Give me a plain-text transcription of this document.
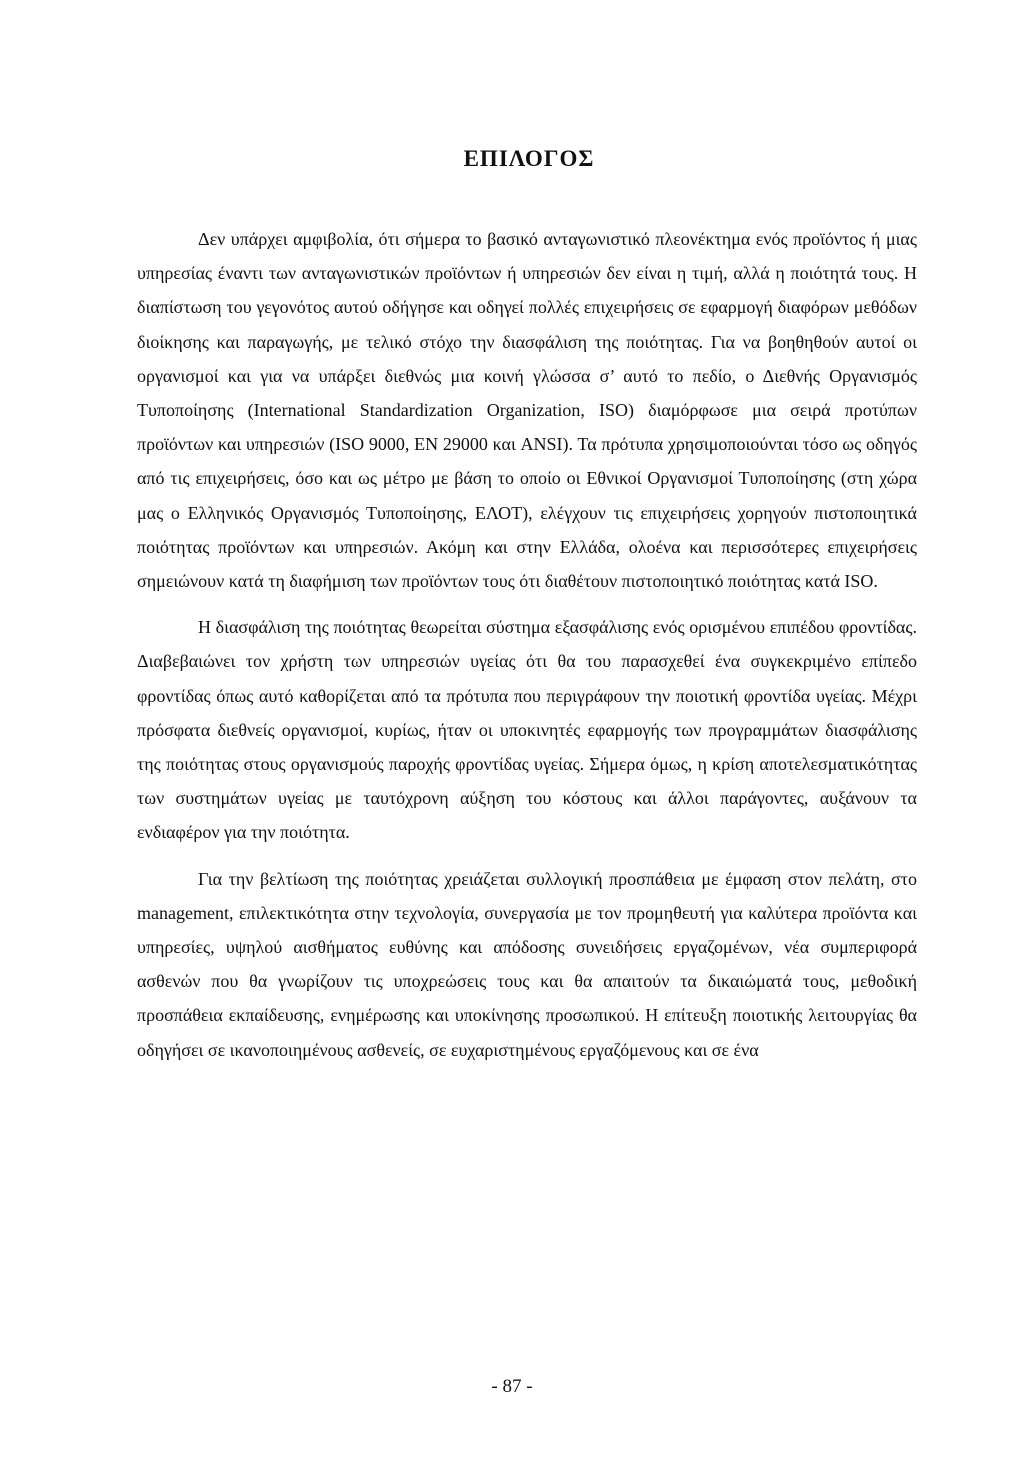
ΕΠΙΛΟΓΟΣ

Δεν υπάρχει αμφιβολία, ότι σήμερα το βασικό ανταγωνιστικό πλεονέκτημα ενός προϊόντος ή μιας υπηρεσίας έναντι των ανταγωνιστικών προϊόντων ή υπηρεσιών δεν είναι η τιμή, αλλά η ποιότητά τους. Η διαπίστωση του γεγονότος αυτού οδήγησε και οδηγεί πολλές επιχειρήσεις σε εφαρμογή διαφόρων μεθόδων διοίκησης και παραγωγής, με τελικό στόχο την διασφάλιση της ποιότητας. Για να βοηθηθούν αυτοί οι οργανισμοί και για να υπάρξει διεθνώς μια κοινή γλώσσα σ’ αυτό το πεδίο, ο Διεθνής Οργανισμός Τυποποίησης (International Standardization Organization, ISO) διαμόρφωσε μια σειρά προτύπων προϊόντων και υπηρεσιών (ISO 9000, EN 29000 και ANSI). Τα πρότυπα χρησιμοποιούνται τόσο ως οδηγός από τις επιχειρήσεις, όσο και ως μέτρο με βάση το οποίο οι Εθνικοί Οργανισμοί Τυποποίησης (στη χώρα μας ο Ελληνικός Οργανισμός Τυποποίησης, ΕΛΟΤ), ελέγχουν τις επιχειρήσεις χορηγούν πιστοποιητικά ποιότητας προϊόντων και υπηρεσιών. Ακόμη και στην Ελλάδα, ολοένα και περισσότερες επιχειρήσεις σημειώνουν κατά τη διαφήμιση των προϊόντων τους ότι διαθέτουν πιστοποιητικό ποιότητας κατά ISO.

Η διασφάλιση της ποιότητας θεωρείται σύστημα εξασφάλισης ενός ορισμένου επιπέδου φροντίδας. Διαβεβαιώνει τον χρήστη των υπηρεσιών υγείας ότι θα του παρασχεθεί ένα συγκεκριμένο επίπεδο φροντίδας όπως αυτό καθορίζεται από τα πρότυπα που περιγράφουν την ποιοτική φροντίδα υγείας. Μέχρι πρόσφατα διεθνείς οργανισμοί, κυρίως, ήταν οι υποκινητές εφαρμογής των προγραμμάτων διασφάλισης της ποιότητας στους οργανισμούς παροχής φροντίδας υγείας. Σήμερα όμως, η κρίση αποτελεσματικότητας των συστημάτων υγείας με ταυτόχρονη αύξηση του κόστους και άλλοι παράγοντες, αυξάνουν τα ενδιαφέρον για την ποιότητα.

Για την βελτίωση της ποιότητας χρειάζεται συλλογική προσπάθεια με έμφαση στον πελάτη, στο management, επιλεκτικότητα στην τεχνολογία, συνεργασία με τον προμηθευτή για καλύτερα προϊόντα και υπηρεσίες, υψηλού αισθήματος ευθύνης και απόδοσης συνειδήσεις εργαζομένων, νέα συμπεριφορά ασθενών που θα γνωρίζουν τις υποχρεώσεις τους και θα απαιτούν τα δικαιώματά τους, μεθοδική προσπάθεια εκπαίδευσης, ενημέρωσης και υποκίνησης προσωπικού. Η επίτευξη ποιοτικής λειτουργίας θα οδηγήσει σε ικανοποιημένους ασθενείς, σε ευχαριστημένους εργαζόμενους και σε ένα

- 87 -
